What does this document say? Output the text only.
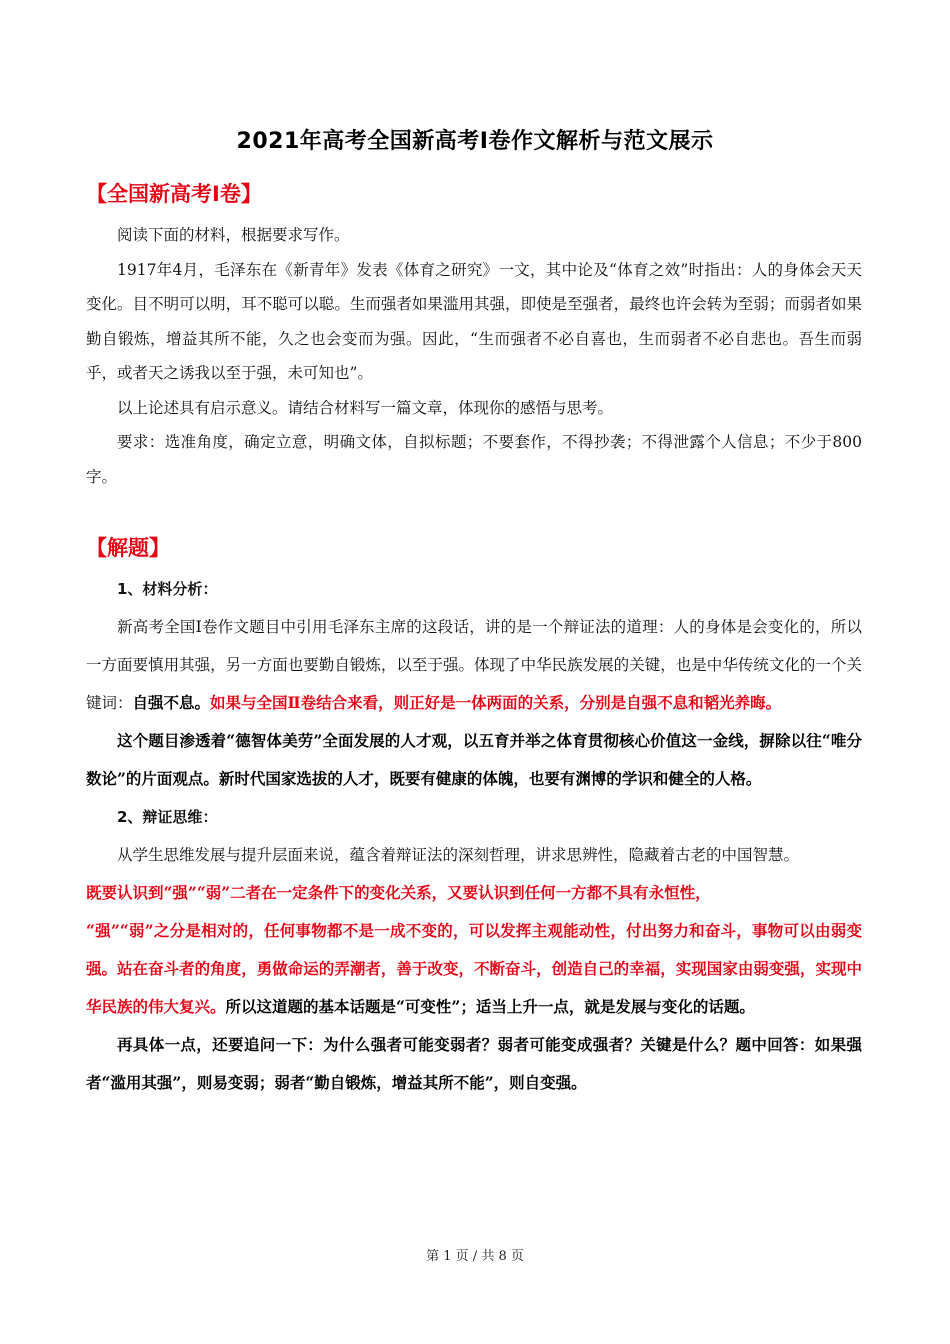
2021年高考全国新高考Ⅰ卷作文解析与范文展示
【全国新高考Ⅰ卷】

阅读下面的材料，根据要求写作。

1917年4月，毛泽东在《新青年》发表《体育之研究》一文，其中论及“体育之效”时指出：人的身体会天天变化。目不明可以明，耳不聪可以聪。生而强者如果滥用其强，即使是至强者，最终也许会转为至弱；而弱者如果勤自锻炼，增益其所不能，久之也会变而为强。因此，“生而强者不必自喜也，生而弱者不必自悲也。吾生而弱乎，或者天之诱我以至于强，未可知也”。

以上论述具有启示意义。请结合材料写一篇文章，体现你的感悟与思考。

要求：选准角度，确定立意，明确文体，自拟标题；不要套作，不得抄袭；不得泄露个人信息；不少于800字。

【解题】

1、材料分析：

新高考全国Ⅰ卷作文题目中引用毛泽东主席的这段话，讲的是一个辩证法的道理：人的身体是会变化的，所以一方面要慎用其强，另一方面也要勤自锻炼，以至于强。体现了中华民族发展的关键，也是中华传统文化的一个关键词：自强不息。如果与全国Ⅱ卷结合来看，则正好是一体两面的关系，分别是自强不息和韬光养晦。

这个题目渗透着“德智体美劳”全面发展的人才观，以五育并举之体育贯彻核心价值这一金线，摒除以往“唯分数论”的片面观点。新时代国家选拔的人才，既要有健康的体魄，也要有渊博的学识和健全的人格。

2、辩证思维：

从学生思维发展与提升层面来说，蕴含着辩证法的深刻哲理，讲求思辨性，隐藏着古老的中国智慧。

既要认识到“强”“弱”二者在一定条件下的变化关系，又要认识到任何一方都不具有永恒性，

“强”“弱”之分是相对的，任何事物都不是一成不变的，可以发挥主观能动性，付出努力和奋斗，事物可以由弱变强。站在奋斗者的角度，勇做命运的弄潮者，善于改变，不断奋斗，创造自己的幸福，实现国家由弱变强，实现中华民族的伟大复兴。所以这道题的基本话题是“可变性”；适当上升一点，就是发展与变化的话题。

再具体一点，还要追问一下：为什么强者可能变弱者？弱者可能变成强者？关键是什么？题中回答：如果强者“滥用其强”，则易变弱；弱者“勤自锻炼，增益其所不能”，则自变强。

第 1 页 / 共 8 页
